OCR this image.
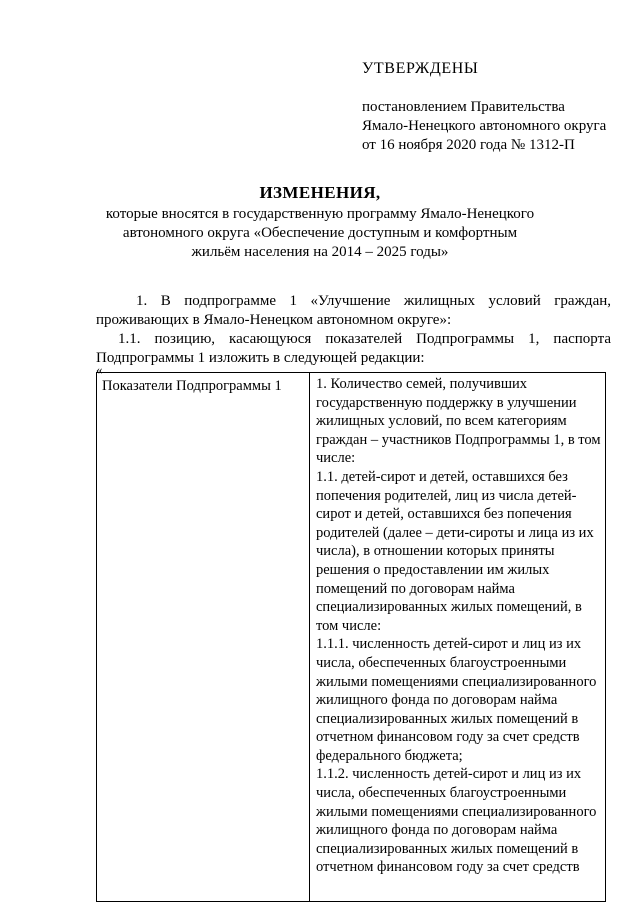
УТВЕРЖДЕНЫ
постановлением Правительства
Ямало-Ненецкого автономного округа
от 16 ноября 2020 года № 1312-П
ИЗМЕНЕНИЯ,
которые вносятся в государственную программу Ямало-Ненецкого
автономного округа «Обеспечение доступным и комфортным
жильём населения на 2014 – 2025 годы»
1. В подпрограмме 1 «Улучшение жилищных условий граждан,
проживающих в Ямало-Ненецком автономном округе»:
1.1. позицию, касающуюся показателей Подпрограммы 1, паспорта
Подпрограммы 1 изложить в следующей редакции:
«
Показатели Подпрограммы 1	1. Количество семей, получивших
государственную поддержку в улучшении
жилищных условий, по всем категориям
граждан – участников Подпрограммы 1, в том
числе:
1.1. детей-сирот и детей, оставшихся без
попечения родителей, лиц из числа детей-
сирот и детей, оставшихся без попечения
родителей (далее – дети-сироты и лица из их
числа), в отношении которых приняты
решения о предоставлении им жилых
помещений по договорам найма
специализированных жилых помещений, в
том числе:
1.1.1. численность детей-сирот и лиц из их
числа, обеспеченных благоустроенными
жилыми помещениями специализированного
жилищного фонда по договорам найма
специализированных жилых помещений в
отчетном финансовом году за счет средств
федерального бюджета;
1.1.2. численность детей-сирот и лиц из их
числа, обеспеченных благоустроенными
жилыми помещениями специализированного
жилищного фонда по договорам найма
специализированных жилых помещений в
отчетном финансовом году за счет средств
